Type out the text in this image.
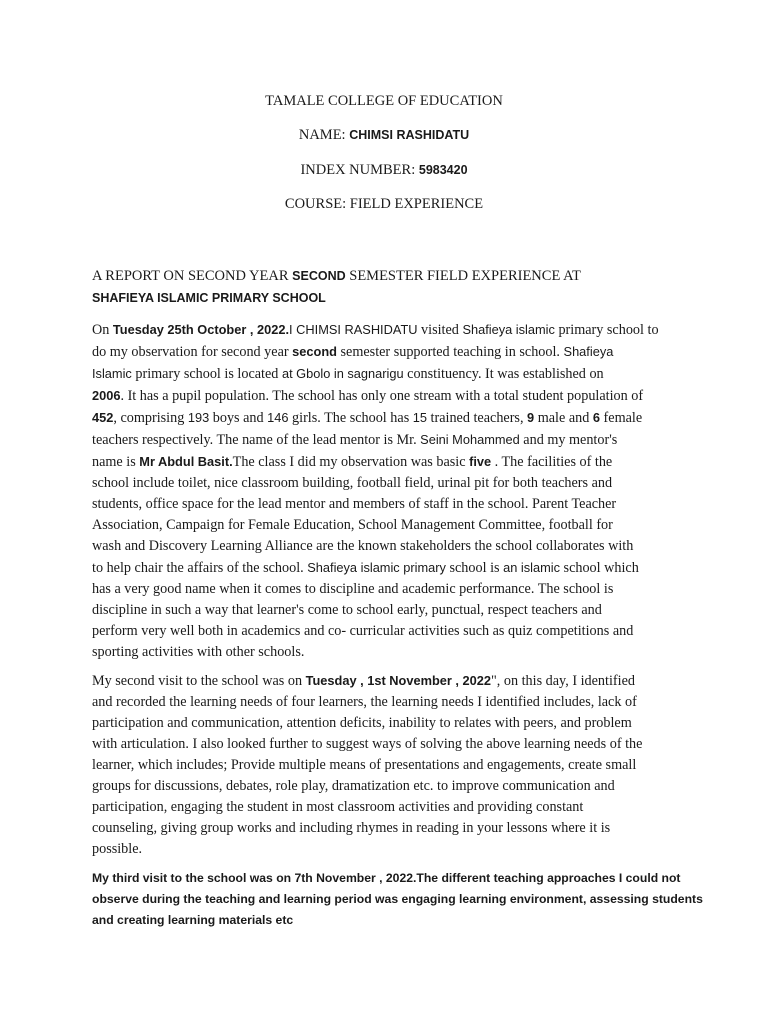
TAMALE COLLEGE OF EDUCATION
NAME: CHIMSI RASHIDATU
INDEX NUMBER: 5983420
COURSE: FIELD EXPERIENCE
A REPORT ON SECOND YEAR SECOND SEMESTER FIELD EXPERIENCE AT
SHAFIEYA ISLAMIC PRIMARY SCHOOL
On Tuesday 25th October , 2022.I CHIMSI RASHIDATU visited Shafieya islamic primary school to
do my observation for second year second semester supported teaching in school. Shafieya
Islamic primary school is located at Gbolo in sagnarigu constituency. It was established on
2006. It has a pupil population. The school has only one stream with a total student population of
452, comprising 193 boys and 146 girls. The school has 15 trained teachers, 9 male and 6 female
teachers respectively. The name of the lead mentor is Mr. Seini Mohammed and my mentor's
name is Mr Abdul Basit.The class I did my observation was basic five . The facilities of the
school include toilet, nice classroom building, football field, urinal pit for both teachers and
students, office space for the lead mentor and members of staff in the school. Parent Teacher
Association, Campaign for Female Education, School Management Committee, football for
wash and Discovery Learning Alliance are the known stakeholders the school collaborates with
to help chair the affairs of the school. Shafieya islamic primary school is an islamic school which
has a very good name when it comes to discipline and academic performance. The school is
discipline in such a way that learner's come to school early, punctual, respect teachers and
perform very well both in academics and co- curricular activities such as quiz competitions and
sporting activities with other schools.
My second visit to the school was on Tuesday , 1st November , 2022", on this day, I identified
and recorded the learning needs of four learners, the learning needs I identified includes, lack of
participation and communication, attention deficits, inability to relates with peers, and problem
with articulation. I also looked further to suggest ways of solving the above learning needs of the
learner, which includes; Provide multiple means of presentations and engagements, create small
groups for discussions, debates, role play, dramatization etc. to improve communication and
participation, engaging the student in most classroom activities and providing constant
counseling, giving group works and including rhymes in reading in your lessons where it is
possible.
My third visit to the school was on 7th November , 2022.The different teaching approaches I could not
observe during the teaching and learning period was engaging learning environment, assessing students
and creating learning materials etc
